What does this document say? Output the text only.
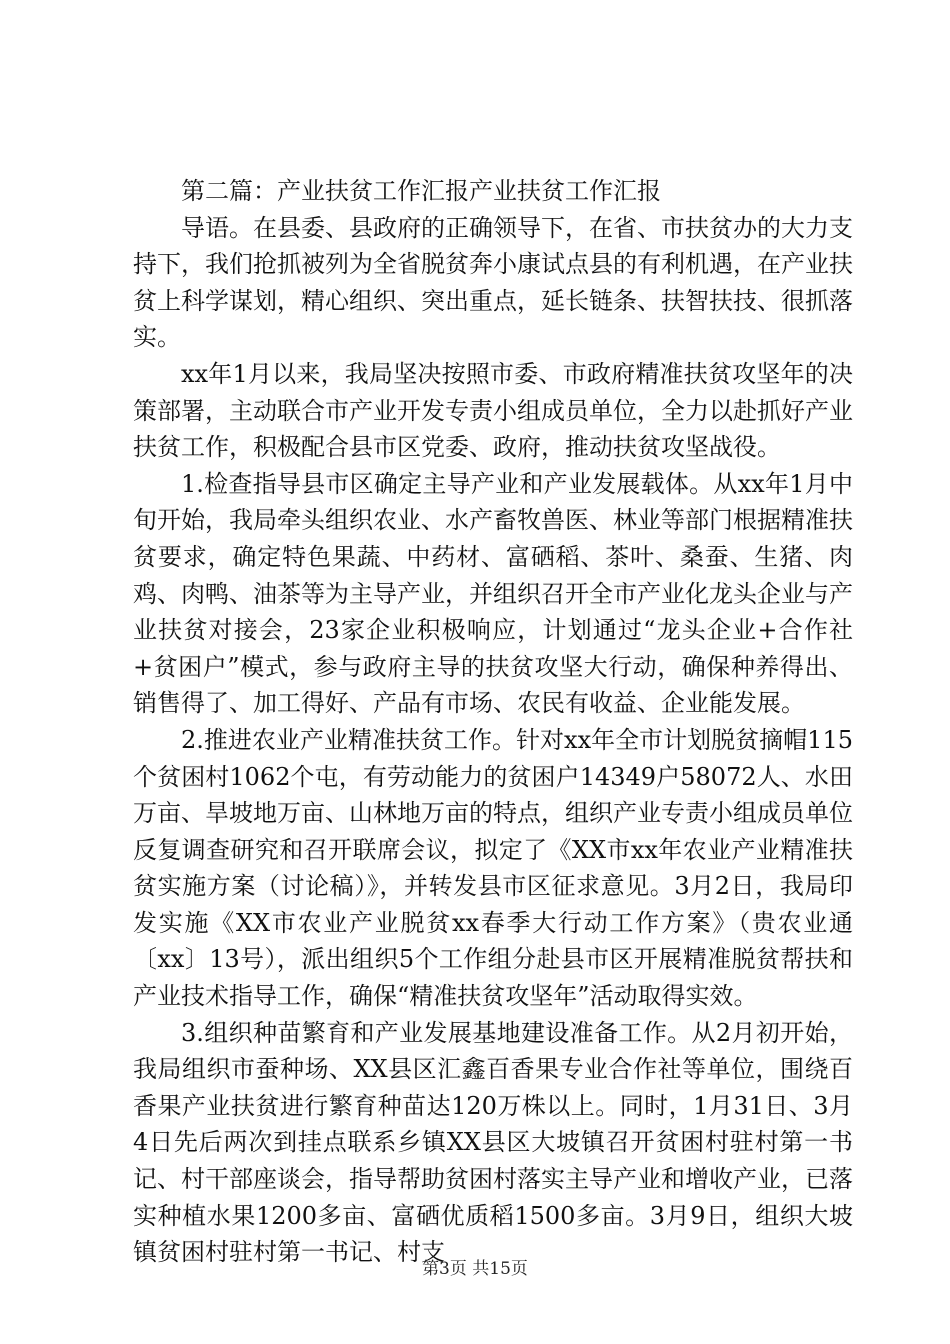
第二篇：产业扶贫工作汇报产业扶贫工作汇报

导语。在县委、县政府的正确领导下，在省、市扶贫办的大力支持下，我们抢抓被列为全省脱贫奔小康试点县的有利机遇，在产业扶贫上科学谋划，精心组织、突出重点，延长链条、扶智扶技、很抓落实。

xx年1月以来，我局坚决按照市委、市政府精准扶贫攻坚年的决策部署，主动联合市产业开发专责小组成员单位，全力以赴抓好产业扶贫工作，积极配合县市区党委、政府，推动扶贫攻坚战役。

1.检查指导县市区确定主导产业和产业发展载体。从xx年1月中旬开始，我局牵头组织农业、水产畜牧兽医、林业等部门根据精准扶贫要求，确定特色果蔬、中药材、富硒稻、茶叶、桑蚕、生猪、肉鸡、肉鸭、油茶等为主导产业，并组织召开全市产业化龙头企业与产业扶贫对接会，23家企业积极响应，计划通过“龙头企业+合作社+贫困户”模式，参与政府主导的扶贫攻坚大行动，确保种养得出、销售得了、加工得好、产品有市场、农民有收益、企业能发展。

2.推进农业产业精准扶贫工作。针对xx年全市计划脱贫摘帽115个贫困村1062个屯，有劳动能力的贫困户14349户58072人、水田万亩、旱坡地万亩、山林地万亩的特点，组织产业专责小组成员单位反复调查研究和召开联席会议，拟定了《XX市xx年农业产业精准扶贫实施方案（讨论稿）》，并转发县市区征求意见。3月2日，我局印发实施《XX市农业产业脱贫xx春季大行动工作方案》（贵农业通〔xx〕13号），派出组织5个工作组分赴县市区开展精准脱贫帮扶和产业技术指导工作，确保“精准扶贫攻坚年”活动取得实效。

3.组织种苗繁育和产业发展基地建设准备工作。从2月初开始，我局组织市蚕种场、XX县区汇鑫百香果专业合作社等单位，围绕百香果产业扶贫进行繁育种苗达120万株以上。同时，1月31日、3月4日先后两次到挂点联系乡镇XX县区大坡镇召开贫困村驻村第一书记、村干部座谈会，指导帮助贫困村落实主导产业和增收产业，已落实种植水果1200多亩、富硒优质稻1500多亩。3月9日，组织大坡镇贫困村驻村第一书记、村支

第3页 共15页
